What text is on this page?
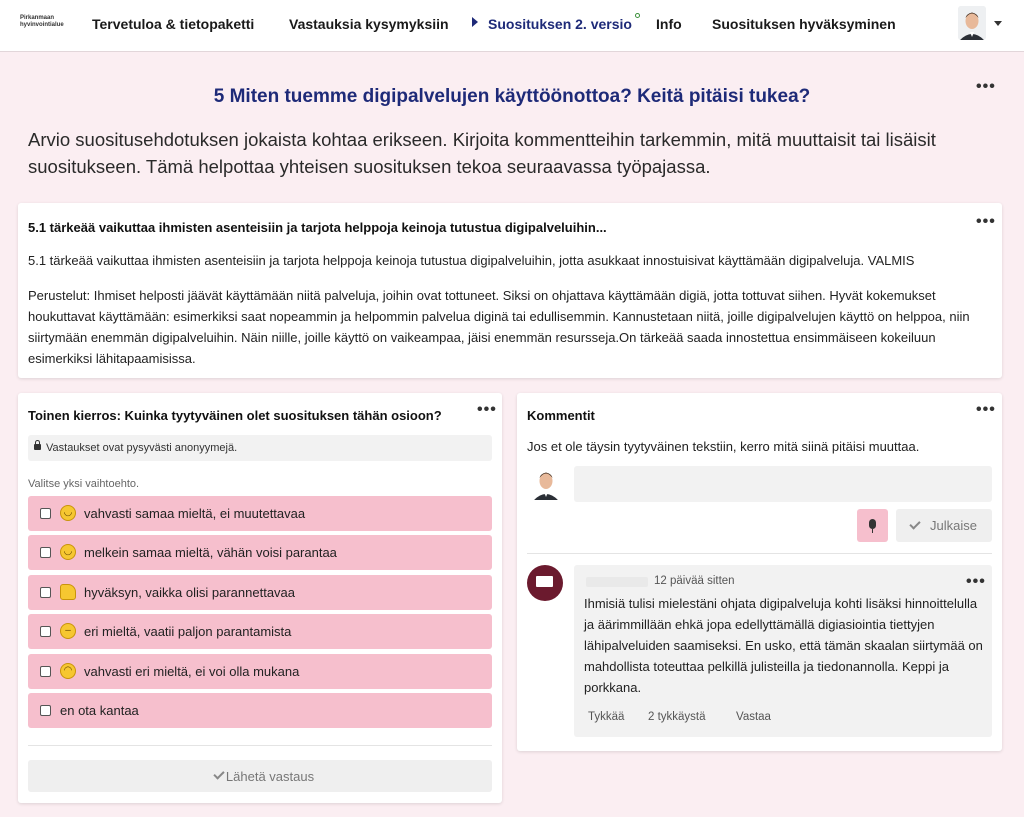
Pirkanmaan
hyvinvointialue	Tervetuloa & tietopaketti Vastauksia kysymyksiin	Suosituksen 2. versio Info Suosituksen hyväksyminen
5 Miten tuemme digipalvelujen käyttöönottoa? Keitä pitäisi tukea?	•••

Arvio suositusehdotuksen jokaista kohtaa erikseen. Kirjoita kommentteihin tarkemmin, mitä muuttaisit tai lisäisit suositukseen. Tämä helpottaa yhteisen suosituksen tekoa seuraavassa työpajassa.

5.1 tärkeää vaikuttaa ihmisten asenteisiin ja tarjota helppoja keinoja tutustua digipalveluihin...	•••

5.1 tärkeää vaikuttaa ihmisten asenteisiin ja tarjota helppoja keinoja tutustua digipalveluihin, jotta asukkaat innostuisivat käyttämään digipalveluja. VALMIS

Perustelut: Ihmiset helposti jäävät käyttämään niitä palveluja, joihin ovat tottuneet. Siksi on ohjattava käyttämään digiä, jotta tottuvat siihen. Hyvät kokemukset houkuttavat käyttämään: esimerkiksi saat nopeammin ja helpommin palvelua diginä tai edullisemmin. Kannustetaan niitä, joille digipalvelujen käyttö on helppoa, niin siirtymään enemmän digipalveluihin. Näin niille, joille käyttö on vaikeampaa, jäisi enemmän resursseja.On tärkeää saada innostettua ensimmäiseen kokeiluun esimerkiksi lähitapaamisissa.

Toinen kierros: Kuinka tyytyväinen olet suosituksen tähän osioon? •••
Vastaukset ovat pysyvästi anonyymejä.
Valitse yksi vaihtoehto.
◡ vahvasti samaa mieltä, ei muutettavaa
◡ melkein samaa mieltä, vähän voisi parantaa
hyväksyn, vaikka olisi parannettavaa
–	eri mieltä, vaatii paljon parantamista
◠ vahvasti eri mieltä, ei voi olla mukana
en ota kantaa
Lähetä vastaus
Kommentit	•••

Jos et ole täysin tyytyväinen tekstiin, kerro mitä siinä pitäisi muuttaa.

Julkaise
12 päivää sitten	•••

Ihmisiä tulisi mielestäni ohjata digipalveluja kohti lisäksi hinnoittelulla ja äärimmillään ehkä jopa edellyttämällä digiasiointia tiettyjen lähipalveluiden saamiseksi. En usko, että tämän skaalan siirtymää on mahdollista toteuttaa pelkillä julisteilla ja tiedonannolla. Keppi ja porkkana.

Tykkää 2 tykkäystä	Vastaa
